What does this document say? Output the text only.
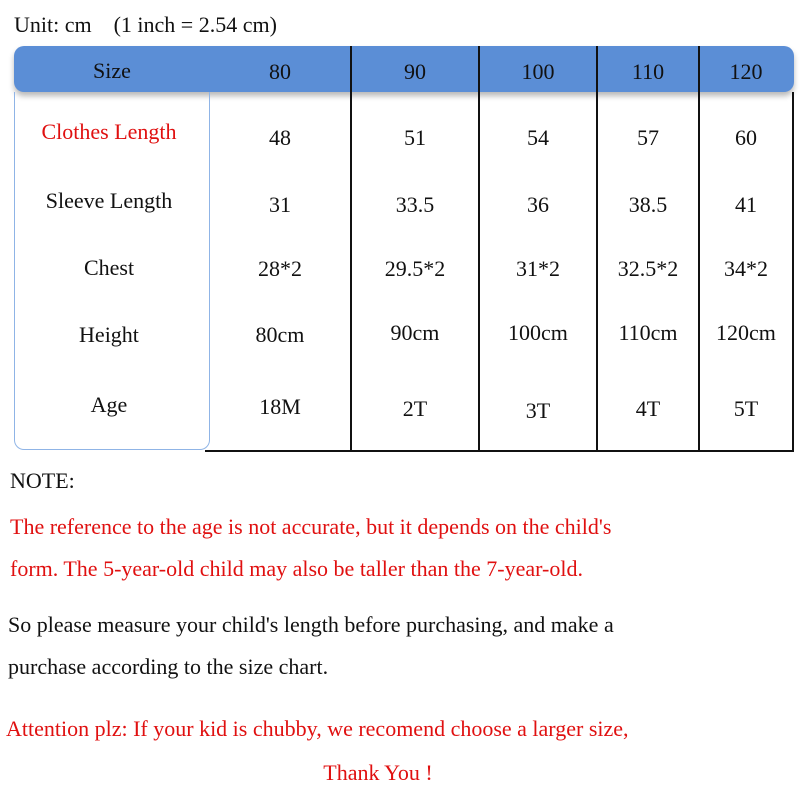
Unit: cm    (1 inch = 2.54 cm)
Size	80	90	100	110	120
Clothes Length	48	51	54	57	60
Sleeve Length	31	33.5	36	38.5	41
Chest	28*2	29.5*2	31*2	32.5*2	34*2
Height	80cm	90cm	100cm	110cm	120cm
Age	18M	2T	3T	4T	5T
NOTE:
The reference to the age is not accurate, but it depends on the child's
form. The 5-year-old child may also be taller than the 7-year-old.
So please measure your child's length before purchasing, and make a
purchase according to the size chart.
Attention plz: If your kid is chubby, we recomend choose a larger size,
Thank You !
